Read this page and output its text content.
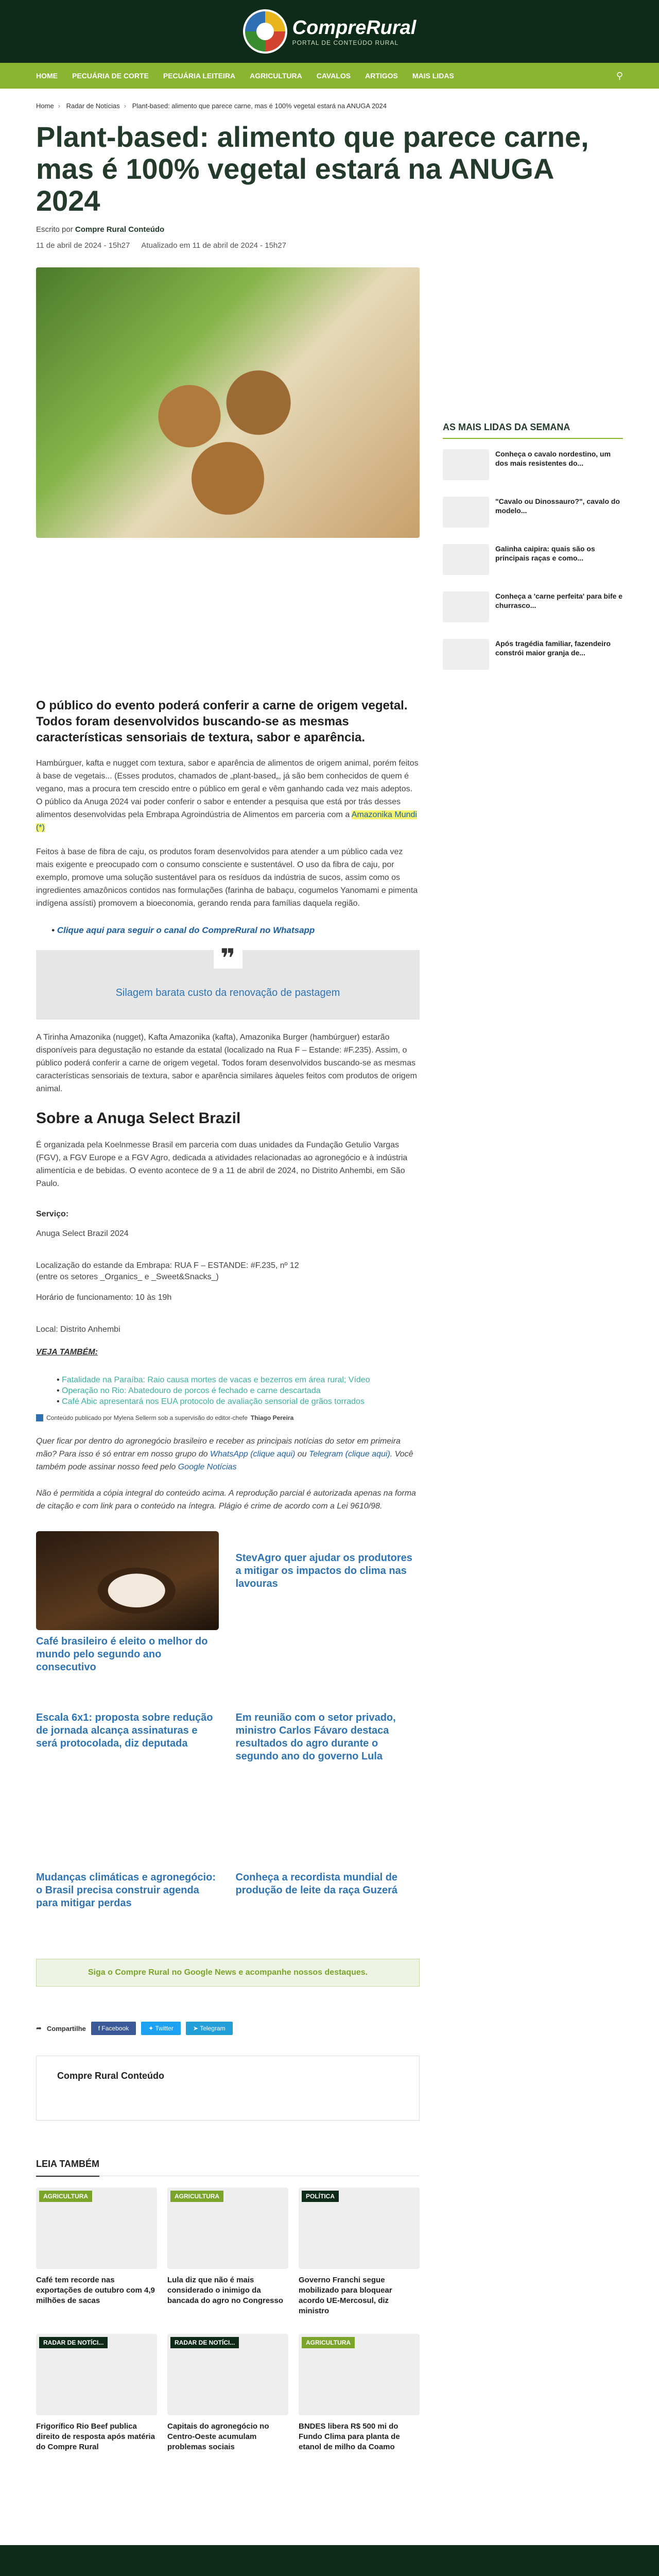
CompreRural
PORTAL DE CONTEÚDO RURAL
HOME PECUÁRIA DE CORTE PECUÁRIA LEITEIRA AGRICULTURA CAVALOS ARTIGOS MAIS LIDAS	⚲
Home › Radar de Notícias › Plant-based: alimento que parece carne, mas é 100% vegetal estará na ANUGA 2024
Plant-based: alimento que parece carne, mas é 100% vegetal estará na ANUGA 2024
Escrito por Compre Rural Conteúdo
11 de abril de 2024 - 15h27 Atualizado em 11 de abril de 2024 - 15h27

O público do evento poderá conferir a carne de origem vegetal. Todos foram desenvolvidos buscando-se as mesmas características sensoriais de textura, sabor e aparência.

Hambúrguer, kafta e nugget com textura, sabor e aparência de alimentos de origem animal, porém feitos à base de vegetais... (Esses produtos, chamados de „plant-based„, já são bem conhecidos de quem é vegano, mas a procura tem crescido entre o público em geral e vêm ganhando cada vez mais adeptos. O público da Anuga 2024 vai poder conferir o sabor e entender a pesquisa que está por trás desses alimentos desenvolvidas pela Embrapa Agroindústria de Alimentos em parceria com a Amazonika Mundi (*)

Feitos à base de fibra de caju, os produtos foram desenvolvidos para atender a um público cada vez mais exigente e preocupado com o consumo consciente e sustentável. O uso da fibra de caju, por exemplo, promove uma solução sustentável para os resíduos da indústria de sucos, assim como os ingredientes amazônicos contidos nas formulações (farinha de babaçu, cogumelos Yanomami e pimenta indígena assísti) promovem a bioeconomia, gerando renda para famílias daquela região.

• Clique aqui para seguir o canal do CompreRural no Whatsapp

❞
Silagem barata custo da renovação de pastagem

A Tirinha Amazonika (nugget), Kafta Amazonika (kafta), Amazonika Burger (hambúrguer) estarão disponíveis para degustação no estande da estatal (localizado na Rua F – Estande: #F.235). Assim, o público poderá conferir a carne de origem vegetal. Todos foram desenvolvidos buscando-se as mesmas características sensoriais de textura, sabor e aparência similares àqueles feitos com produtos de origem animal.

Sobre a Anuga Select Brazil

É organizada pela Koelnmesse Brasil em parceria com duas unidades da Fundação Getulio Vargas (FGV), a FGV Europe e a FGV Agro, dedicada a atividades relacionadas ao agronegócio e à indústria alimentícia e de bebidas. O evento acontece de 9 a 11 de abril de 2024, no Distrito Anhembi, em São Paulo.

Serviço:

Anuga Select Brazil 2024

Localização do estande da Embrapa: RUA F – ESTANDE: #F.235, nº 12
(entre os setores _Organics_ e _Sweet&Snacks_)

Horário de funcionamento: 10 às 19h

Local: Distrito Anhembi

VEJA TAMBÉM:

• Fatalidade na Paraíba: Raio causa mortes de vacas e bezerros em área rural; Vídeo
• Operação no Rio: Abatedouro de porcos é fechado e carne descartada
• Café Abic apresentará nos EUA protocolo de avaliação sensorial de grãos torrados
Conteúdo publicado por Mylena Sellerm sob a supervisão do editor-chefe Thiago Pereira

Quer ficar por dentro do agronegócio brasileiro e receber as principais notícias do setor em primeira mão? Para isso é só entrar em nosso grupo do WhatsApp (clique aqui) ou Telegram (clique aqui). Você também pode assinar nosso feed pelo Google Notícias

Não é permitida a cópia integral do conteúdo acima. A reprodução parcial é autorizada apenas na forma de citação e com link para o conteúdo na íntegra. Plágio é crime de acordo com a Lei 9610/98.

Café brasileiro é eleito o melhor do mundo pelo segundo ano consecutivo
StevAgro quer ajudar os produtores a mitigar os impactos do clima nas lavouras
Escala 6x1: proposta sobre redução de jornada alcança assinaturas e será protocolada, diz deputada
Em reunião com o setor privado, ministro Carlos Fávaro destaca resultados do agro durante o segundo ano do governo Lula
Mudanças climáticas e agronegócio: o Brasil precisa construir agenda para mitigar perdas
Conheça a recordista mundial de produção de leite da raça Guzerá
Siga o Compre Rural no Google News e acompanhe nossos destaques.
➦ Compartilhe f Facebook	✦ Twitter	➤ Telegram
Compre Rural Conteúdo
LEIA TAMBÉM
AGRICULTURA
Café tem recorde nas exportações de outubro com 4,9 milhões de sacas
AGRICULTURA
Lula diz que não é mais considerado o inimigo da bancada do agro no Congresso
POLÍTICA
Governo Franchi segue mobilizado para bloquear acordo UE-Mercosul, diz ministro
RADAR DE NOTÍCI...
Frigorífico Rio Beef publica direito de resposta após matéria do Compre Rural
RADAR DE NOTÍCI...
Capitais do agronegócio no Centro-Oeste acumulam problemas sociais
AGRICULTURA
BNDES libera R$ 500 mi do Fundo Clima para planta de etanol de milho da Coamo
AS MAIS LIDAS DA SEMANA
Conheça o cavalo nordestino, um dos mais resistentes do...
"Cavalo ou Dinossauro?", cavalo do modelo...
Galinha caipira: quais são os principais raças e como...
Conheça a 'carne perfeita' para bife e churrasco...
Após tragédia familiar, fazendeiro constrói maior granja de...
